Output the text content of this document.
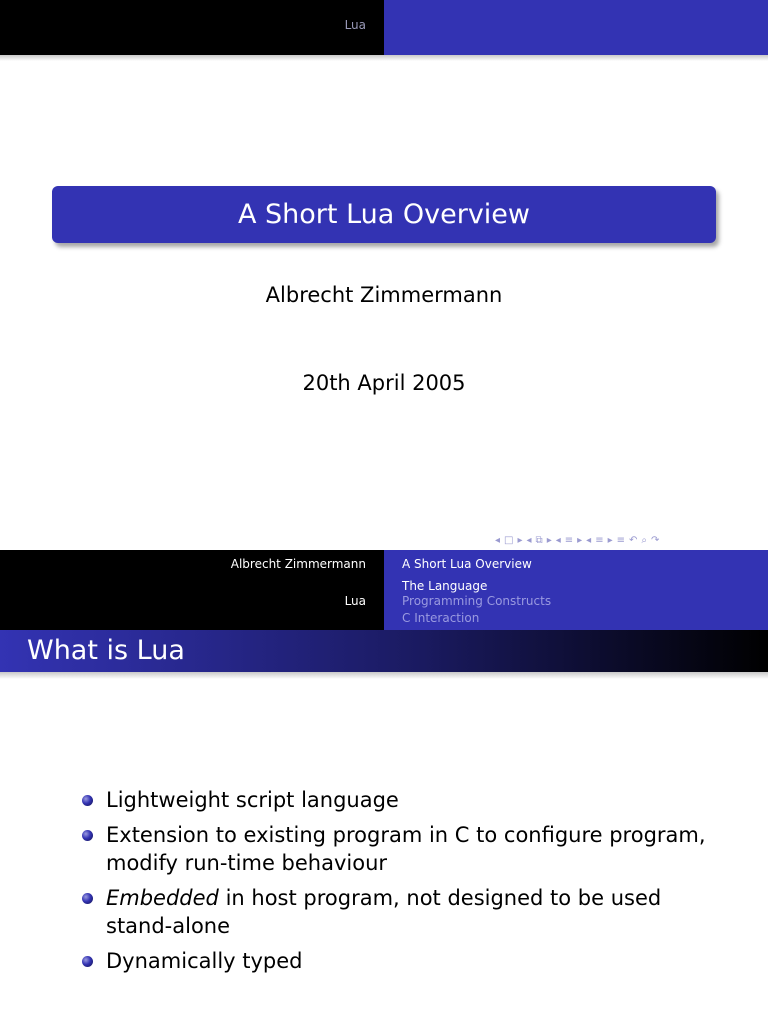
Lua
A Short Lua Overview
Albrecht Zimmermann
20th April 2005
◂ □ ▸ ◂ ⧉ ▸ ◂ ≡ ▸ ◂ ≡ ▸ ≡ ↶ ⌕ ↷
Albrecht Zimmermann
Lua
A Short Lua Overview
The Language
Programming Constructs
C Interaction
What is Lua
Lightweight script language
Extension to existing program in C to configure program, modify run-time behaviour
Embedded in host program, not designed to be used stand-alone
Dynamically typed
